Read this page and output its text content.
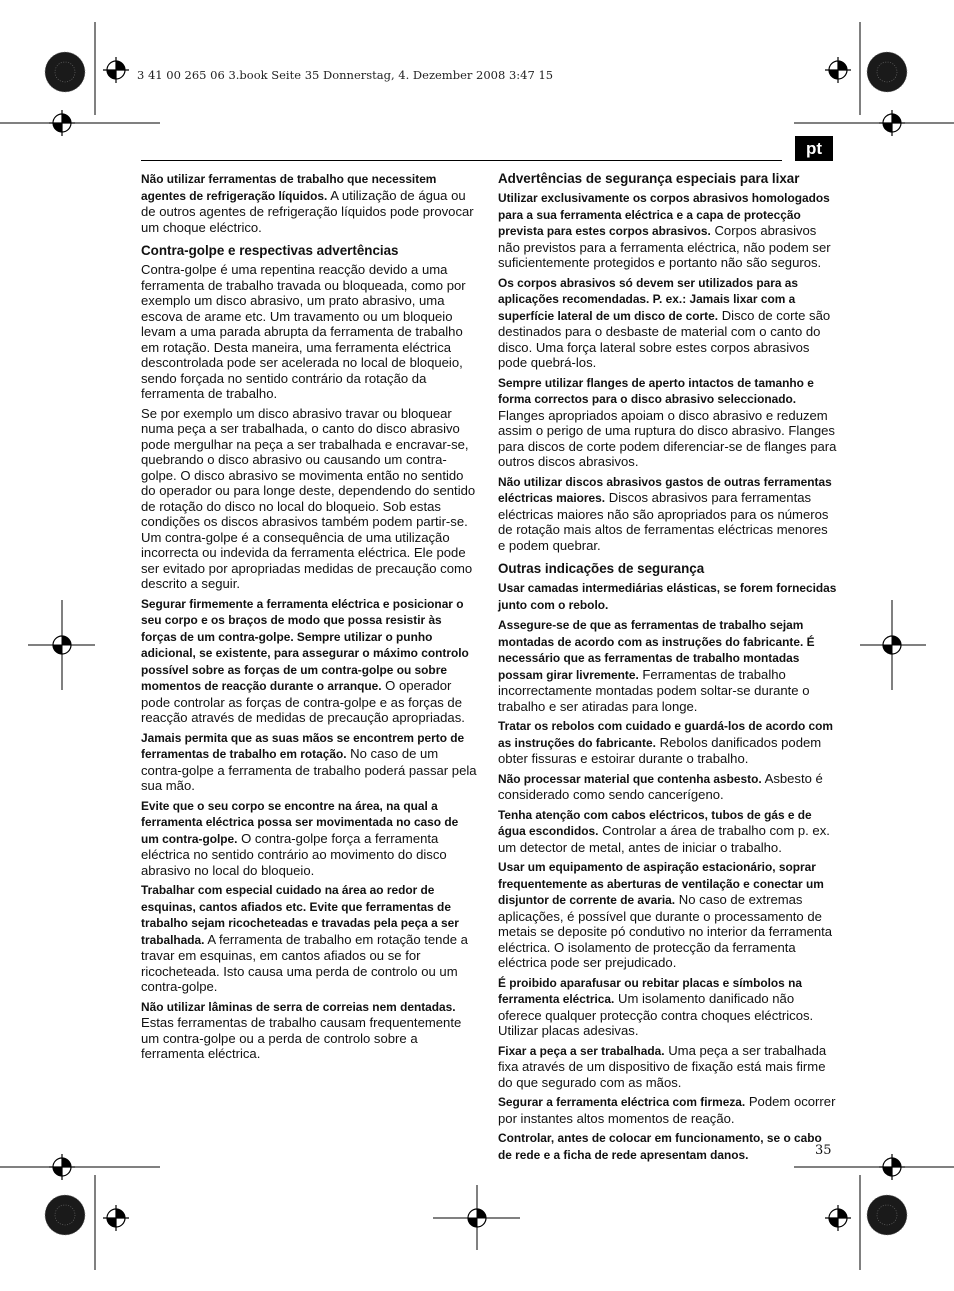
3 41 00 265 06 3.book Seite 35 Donnerstag, 4. Dezember 2008 3:47 15
pt

Não utilizar ferramentas de trabalho que necessitem agentes de refrigeração líquidos. A utilização de água ou de outros agentes de refrigeração líquidos pode provocar um choque eléctrico.

Contra-golpe e respectivas advertências

Contra-golpe é uma repentina reacção devido a uma ferramenta de trabalho travada ou bloqueada, como por exemplo um disco abrasivo, um prato abrasivo, uma escova de arame etc. Um travamento ou um bloqueio levam a uma parada abrupta da ferramenta de trabalho em rotação. Desta maneira, uma ferramenta eléctrica descontrolada pode ser acelerada no local de bloqueio, sendo forçada no sentido contrário da rotação da ferramenta de trabalho.

Se por exemplo um disco abrasivo travar ou bloquear numa peça a ser trabalhada, o canto do disco abrasivo pode mergulhar na peça a ser trabalhada e encravar-se, quebrando o disco abrasivo ou causando um contra-golpe. O disco abrasivo se movimenta então no sentido do operador ou para longe deste, dependendo do sentido de rotação do disco no local do bloqueio. Sob estas condições os discos abrasivos também podem partir-se. Um contra-golpe é a consequência de uma utilização incorrecta ou indevida da ferramenta eléctrica. Ele pode ser evitado por apropriadas medidas de precaução como descrito a seguir.

Segurar firmemente a ferramenta eléctrica e posicionar o seu corpo e os braços de modo que possa resistir às forças de um contra-golpe. Sempre utilizar o punho adicional, se existente, para assegurar o máximo controlo possível sobre as forças de um contra-golpe ou sobre momentos de reacção durante o arranque. O operador pode controlar as forças de contra-golpe e as forças de reacção através de medidas de precaução apropriadas.

Jamais permita que as suas mãos se encontrem perto de ferramentas de trabalho em rotação. No caso de um contra-golpe a ferramenta de trabalho poderá passar pela sua mão.

Evite que o seu corpo se encontre na área, na qual a ferramenta eléctrica possa ser movimentada no caso de um contra-golpe. O contra-golpe força a ferramenta eléctrica no sentido contrário ao movimento do disco abrasivo no local do bloqueio.

Trabalhar com especial cuidado na área ao redor de esquinas, cantos afiados etc. Evite que ferramentas de trabalho sejam ricocheteadas e travadas pela peça a ser trabalhada. A ferramenta de trabalho em rotação tende a travar em esquinas, em cantos afiados ou se for ricocheteada. Isto causa uma perda de controlo ou um contra-golpe.

Não utilizar lâminas de serra de correias nem dentadas. Estas ferramentas de trabalho causam frequentemente um contra-golpe ou a perda de controlo sobre a ferramenta eléctrica.

Advertências de segurança especiais para lixar

Utilizar exclusivamente os corpos abrasivos homologados para a sua ferramenta eléctrica e a capa de protecção prevista para estes corpos abrasivos. Corpos abrasivos não previstos para a ferramenta eléctrica, não podem ser suficientemente protegidos e portanto não são seguros.

Os corpos abrasivos só devem ser utilizados para as aplicações recomendadas. P. ex.: Jamais lixar com a superfície lateral de um disco de corte. Disco de corte são destinados para o desbaste de material com o canto do disco. Uma força lateral sobre estes corpos abrasivos pode quebrá-los.

Sempre utilizar flanges de aperto intactos de tamanho e forma correctos para o disco abrasivo seleccionado. Flanges apropriados apoiam o disco abrasivo e reduzem assim o perigo de uma ruptura do disco abrasivo. Flanges para discos de corte podem diferenciar-se de flanges para outros discos abrasivos.

Não utilizar discos abrasivos gastos de outras ferramentas eléctricas maiores. Discos abrasivos para ferramentas eléctricas maiores não são apropriados para os números de rotação mais altos de ferramentas eléctricas menores e podem quebrar.

Outras indicações de segurança

Usar camadas intermediárias elásticas, se forem fornecidas junto com o rebolo.

Assegure-se de que as ferramentas de trabalho sejam montadas de acordo com as instruções do fabricante. É necessário que as ferramentas de trabalho montadas possam girar livremente. Ferramentas de trabalho incorrectamente montadas podem soltar-se durante o trabalho e ser atiradas para longe.

Tratar os rebolos com cuidado e guardá-los de acordo com as instruções do fabricante. Rebolos danificados podem obter fissuras e estoirar durante o trabalho.

Não processar material que contenha asbesto. Asbesto é considerado como sendo cancerígeno.

Tenha atenção com cabos eléctricos, tubos de gás e de água escondidos. Controlar a área de trabalho com p. ex. um detector de metal, antes de iniciar o trabalho.

Usar um equipamento de aspiração estacionário, soprar frequentemente as aberturas de ventilação e conectar um disjuntor de corrente de avaria. No caso de extremas aplicações, é possível que durante o processamento de metais se deposite pó condutivo no interior da ferramenta eléctrica. O isolamento de protecção da ferramenta eléctrica pode ser prejudicado.

É proibido aparafusar ou rebitar placas e símbolos na ferramenta eléctrica. Um isolamento danificado não oferece qualquer protecção contra choques eléctricos. Utilizar placas adesivas.

Fixar a peça a ser trabalhada. Uma peça a ser trabalhada fixa através de um dispositivo de fixação está mais firme do que segurado com as mãos.

Segurar a ferramenta eléctrica com firmeza. Podem ocorrer por instantes altos momentos de reação.

Controlar, antes de colocar em funcionamento, se o cabo de rede e a ficha de rede apresentam danos.	35
